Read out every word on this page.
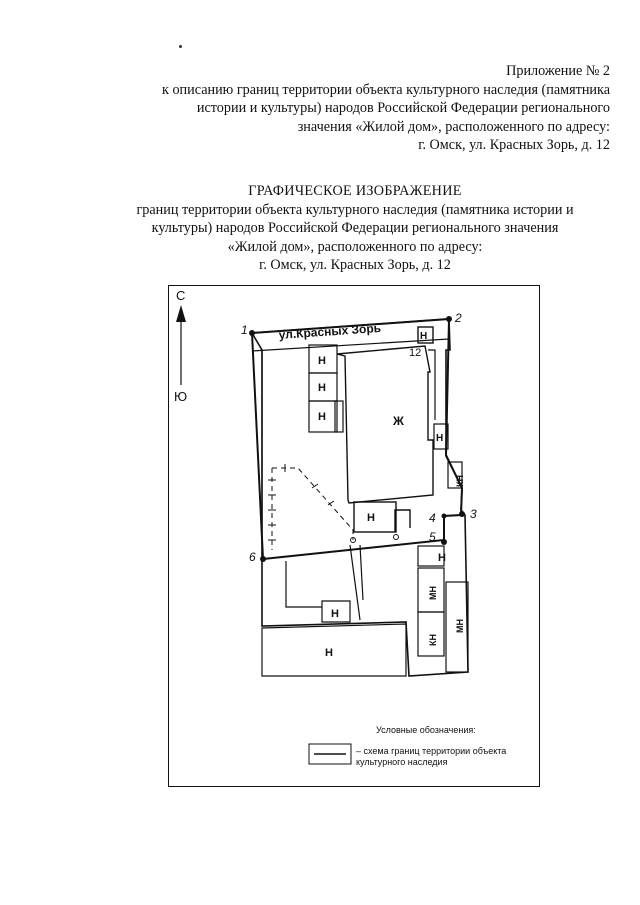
Приложение № 2
к описанию границ территории объекта культурного наследия (памятника
истории и культуры) народов Российской Федерации регионального
значения «Жилой дом», расположенного по адресу:
г. Омск, ул. Красных Зорь, д. 12
ГРАФИЧЕСКОЕ ИЗОБРАЖЕНИЕ
границ территории объекта культурного наследия (памятника истории и
культуры) народов Российской Федерации регионального значения
«Жилой дом», расположенного по адресу:
г. Омск, ул. Красных Зорь, д. 12
С
Ю
ул.Красных Зорь
12
Ж
Н
Н
Н
Н
Н
Н
Н
Н
Н
КН
МН
МН
КН
1
2
3
4
5
6
Условные обозначения:
– схема границ территории объекта
культурного наследия
